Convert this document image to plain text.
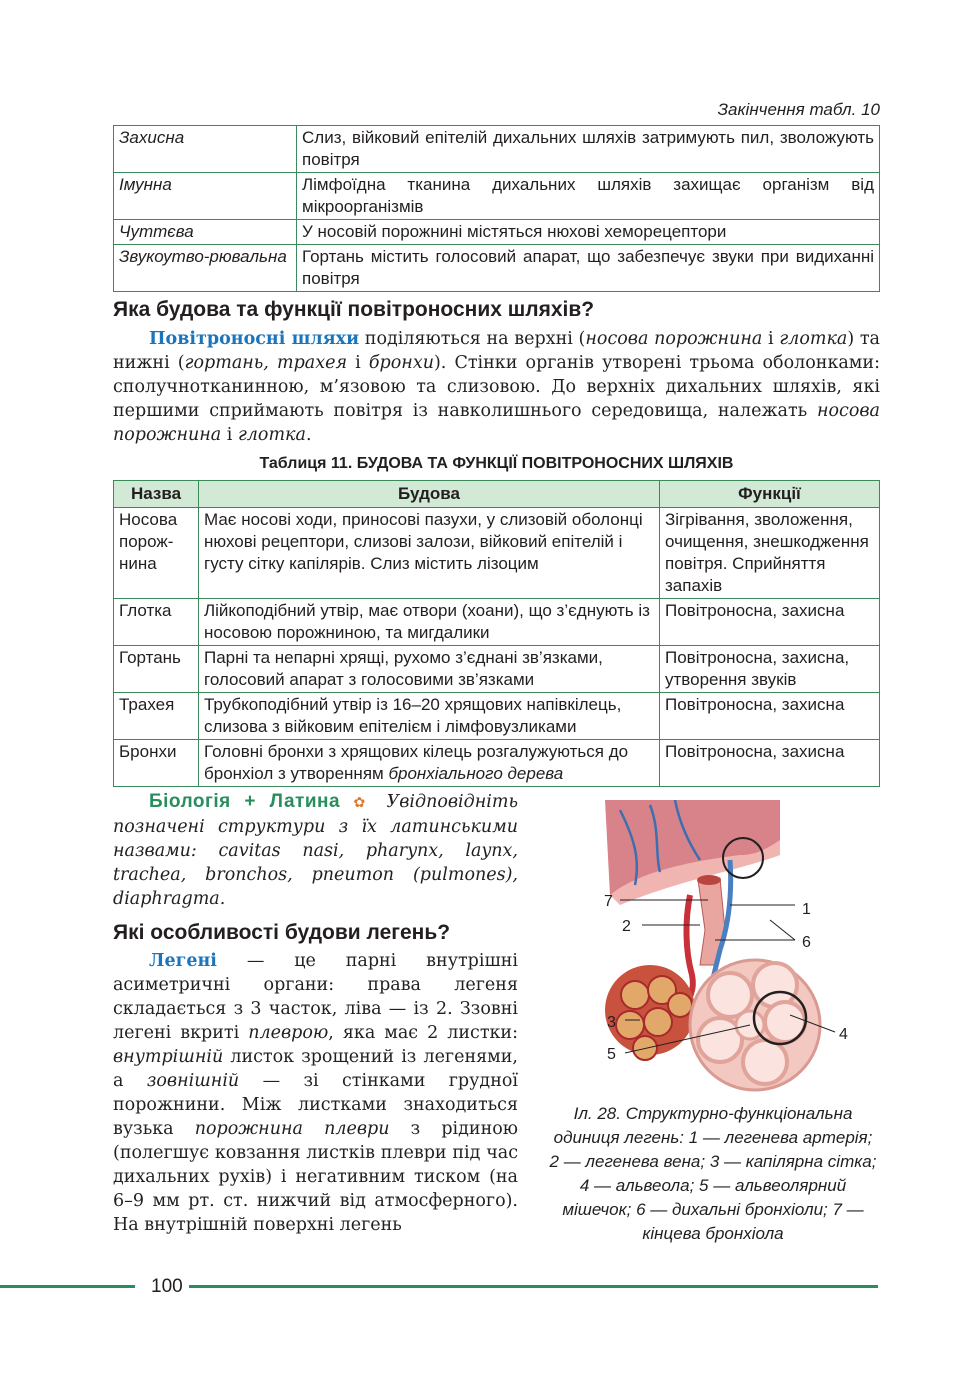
Закінчення табл. 10
Захисна	Слиз, війковий епітелій дихальних шляхів затримують пил, зволожують повітря
Імунна	Лімфоїдна тканина дихальних шляхів захищає організм від мікроорганізмів
Чуттєва	У носовій порожнині містяться нюхові хеморецептори
Звукоутво-рювальна	Гортань містить голосовий апарат, що забезпечує звуки при видиханні повітря
Яка будова та функції повітроносних шляхів?
Повітроносні шляхи поділяються на верхні (носова порожнина і глотка) та нижні (гортань, трахея і бронхи). Стінки органів утворені трьома оболонками: сполучнотканинною, м’язовою та слизовою. До верхніх дихальних шляхів, які першими сприймають повітря із навколишнього середовища, належать носова порожнина і глотка.
Таблиця 11. БУДОВА ТА ФУНКЦІЇ ПОВІТРОНОСНИХ ШЛЯХІВ
Назва	Будова	Функції
Носова порож-нина	Має носові ходи, приносові пазухи, у слизовій оболонці нюхові рецептори, слизові залози, війковий епітелій і густу сітку капілярів. Слиз містить лізоцим	Зігрівання, зволоження, очищення, знешкодження повітря. Сприйняття запахів
Глотка	Лійкоподібний утвір, має отвори (хоани), що з’єднують із носовою порожниною, та мигдалики	Повітроносна, захисна
Гортань	Парні та непарні хрящі, рухомо з’єднані зв’язками, голосовий апарат з голосовими зв’язками	Повітроносна, захисна, утворення звуків
Трахея	Трубкоподібний утвір із 16–20 хрящових напівкілець, слизова з війковим епітелієм і лімфовузликами	Повітроносна, захисна
Бронхи	Головні бронхи з хрящових кілець розгалужуються до бронхіол з утворенням бронхіального дерева	Повітроносна, захисна
Біологія + Латина ✿ Увідповідніть позначені структури з їх латинськими назвами: cavitas nasi, pharynx, laynx, trachea, bronchos, pneumon (pulmones), diaphragma.
Які особливості будови легень?
Легені — це парні внутрішні асиметричні органи: права легеня складається з 3 часток, ліва — із 2. Ззовні легені вкриті плеврою, яка має 2 листки: внутрішній листок зрощений із легенями, а зовнішній — зі стінками грудної порожнини. Між листками знаходиться вузька порожнина плеври з рідиною (полегшує ковзання листків плеври під час дихальних рухів) і негативним тиском (на 6–9 мм рт. ст. нижчий від атмосферного). На внутрішній поверхні легень
7
2
1
6
3
5
4
Іл. 28. Структурно-функціональна одиниця легень: 1 — легенева артерія; 2 — легенева вена; 3 — капілярна сітка; 4 — альвеола; 5 — альвеолярний мішечок; 6 — дихальні бронхіоли; 7 — кінцева бронхіола
100
